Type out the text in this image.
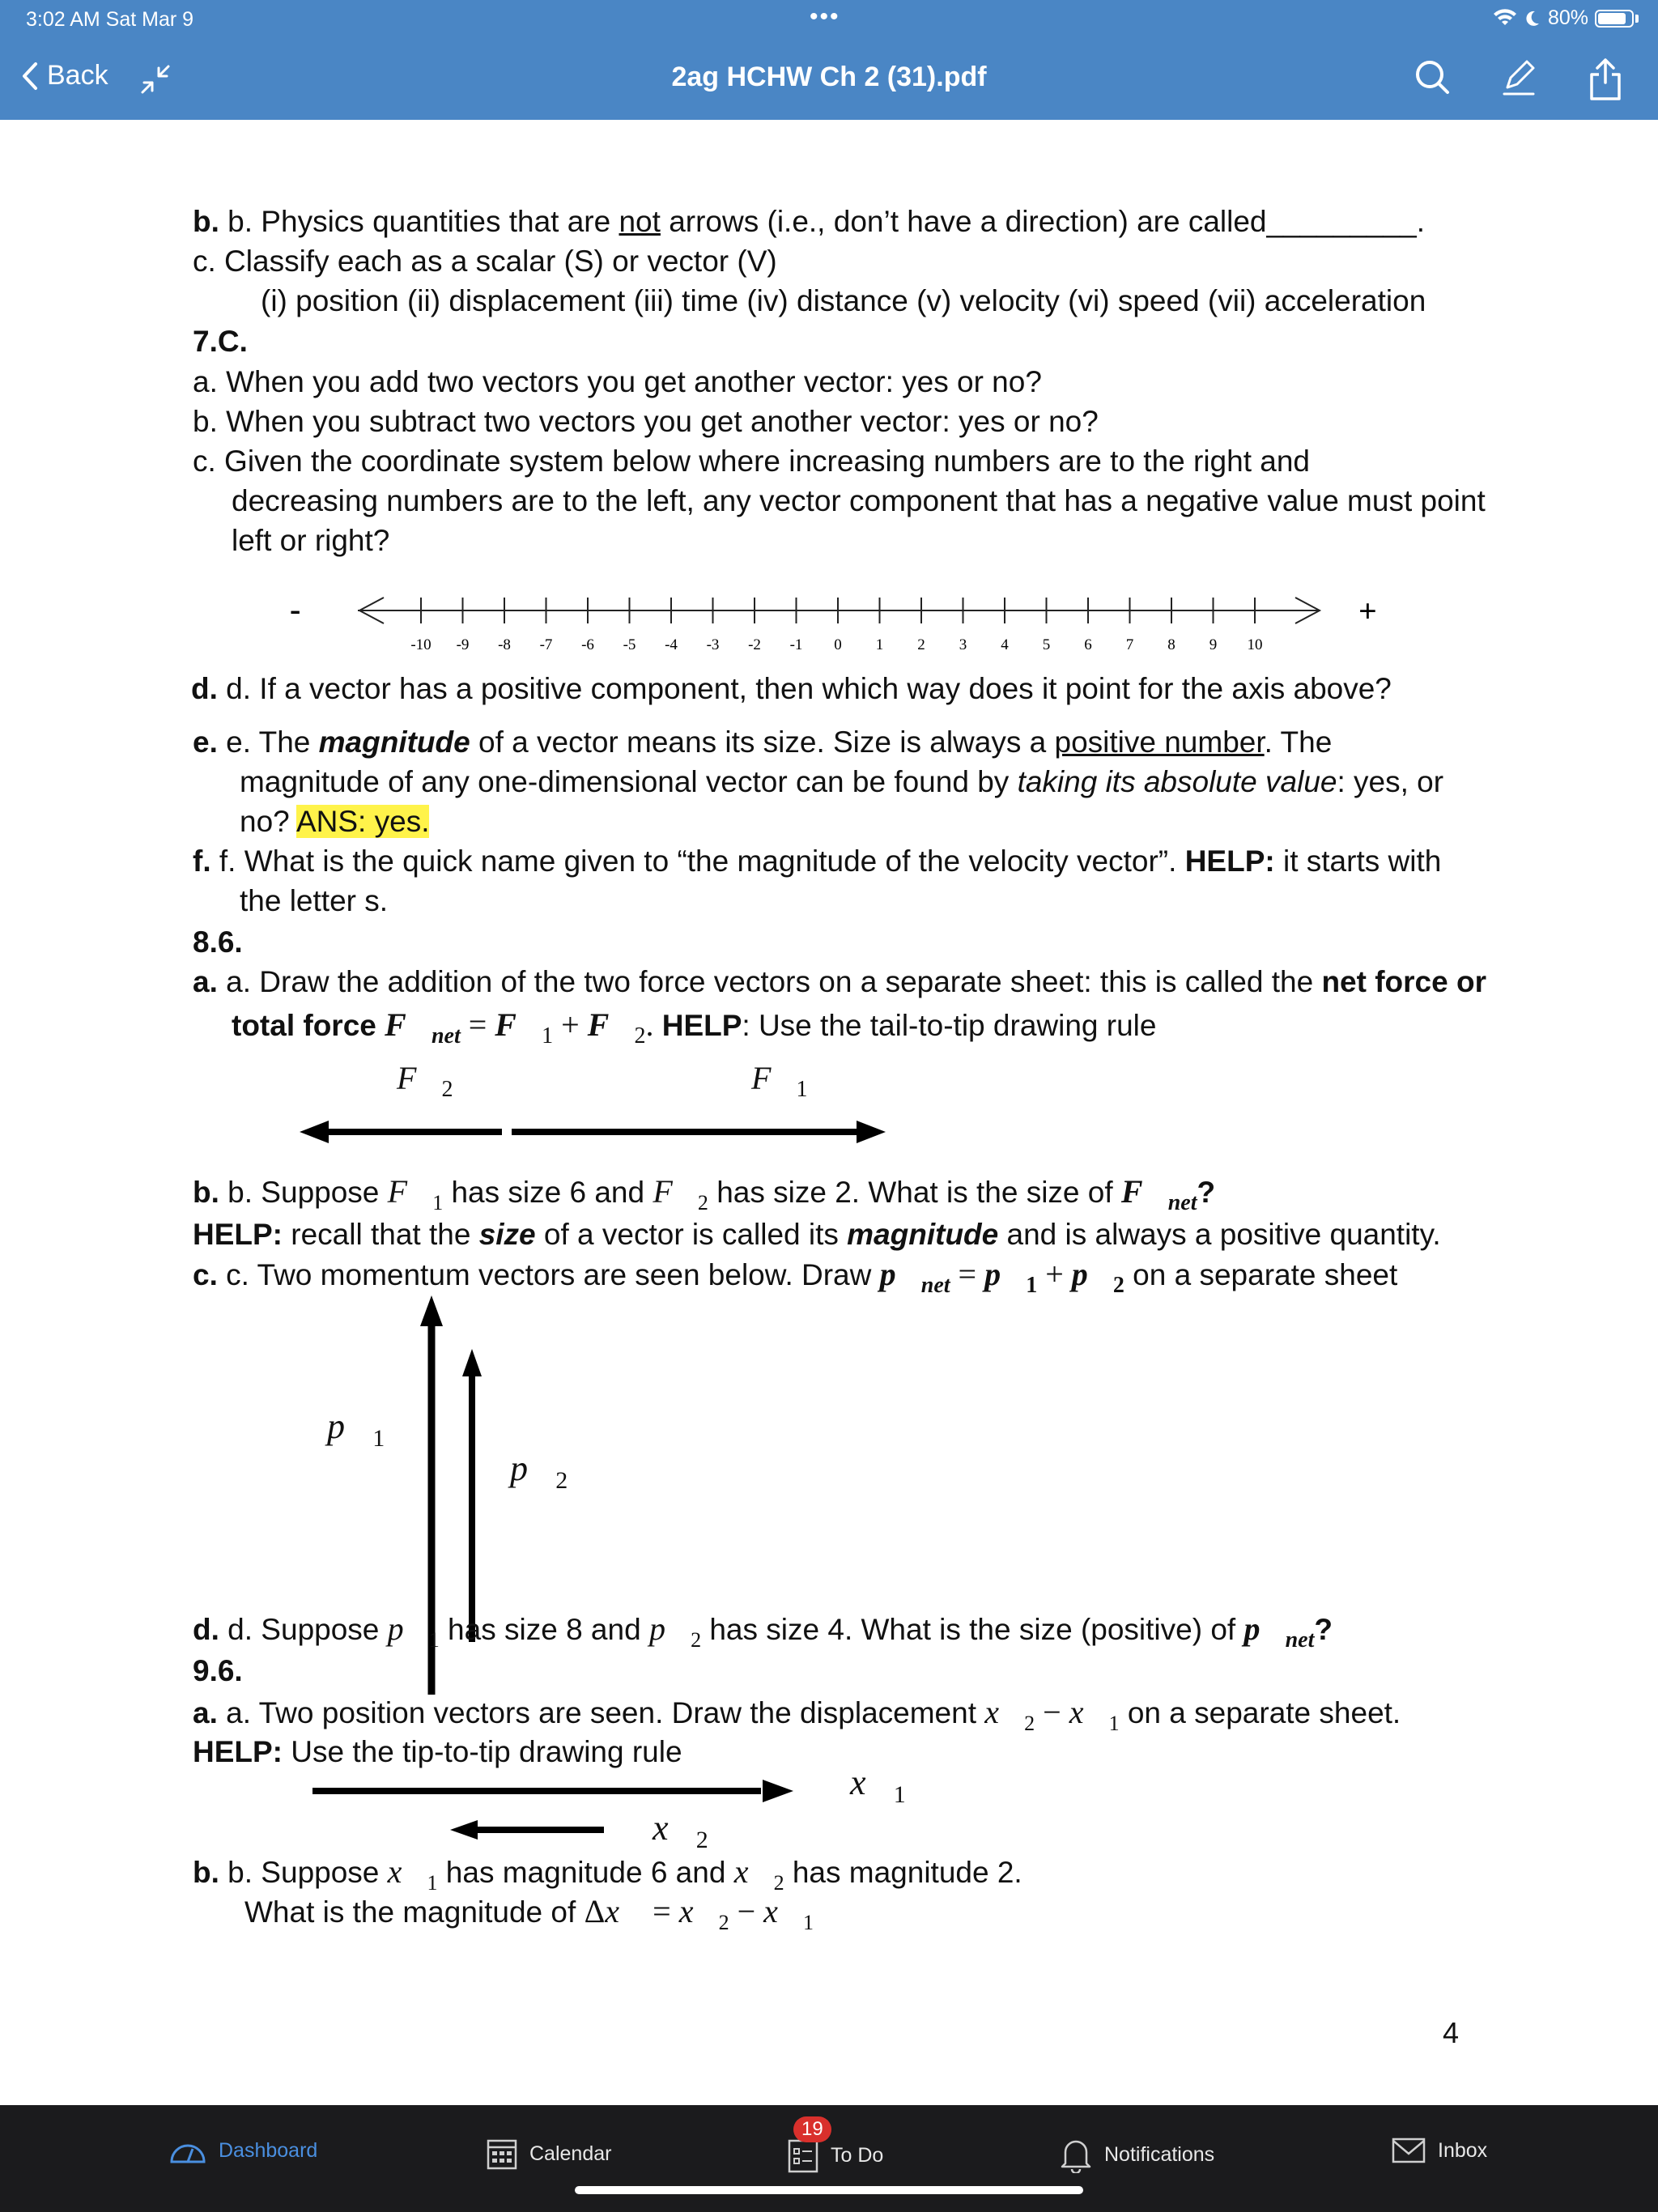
3:02 AM Sat Mar 9	•••	80%
Back	2ag HCHW Ch 2 (31).pdf
b. b. Physics quantities that are not arrows (i.e., don’t have a direction) are called_________.
c. Classify each as a scalar (S) or vector (V)
(i) position (ii) displacement (iii) time (iv) distance (v) velocity (vi) speed (vii) acceleration
7.C.
a. When you add two vectors you get another vector: yes or no?
b. When you subtract two vectors you get another vector: yes or no?
c. Given the coordinate system below where increasing numbers are to the right and
decreasing numbers are to the left, any vector component that has a negative value must point
left or right?
-
-10 -9 -8 -7 -6 -5 -4 -3 -2 -1 0 1 2 3 4 5 6 7 8 9 10
+
d. d. If a vector has a positive component, then which way does it point for the axis above?
e. e. The magnitude of a vector means its size. Size is always a positive number. The
magnitude of any one-dimensional vector can be found by taking its absolute value: yes, or
no? ANS: yes.
f. f. What is the quick name given to “the magnitude of the velocity vector”. HELP: it starts with
the letter s.
8.6.
a. a. Draw the addition of the two force vectors on a separate sheet: this is called the net force or
total force $F⃗_{net}$ = $F⃗_1$ + $F⃗_2$. HELP: Use the tail-to-tip drawing rule
$F_2$	$F_1$
b. b. Suppose $F⃗_1$ has size 6 and $F⃗_2$ has size 2. What is the size of $F⃗_{net}$?
HELP: recall that the size of a vector is called its magnitude and is always a positive quantity.
c. c. Two momentum vectors are seen below. Draw $p⃗_{net}$ = $p⃗_1$ + $p⃗_2$ on a separate sheet
$p_1$
$p_2$
d. d. Suppose $p⃗_1$ has size 8 and $p⃗_2$ has size 4. What is the size (positive) of $p⃗_{net}$?
9.6.
a. a. Two position vectors are seen. Draw the displacement $x⃗_2$ − $x⃗_1$ on a separate sheet.
HELP: Use the tip-to-tip drawing rule
$x_1$
$x_2$
b. b. Suppose $x⃗_1$ has magnitude 6 and $x⃗_2$ has magnitude 2.
What is the magnitude of Δx⃗ = $x⃗_2$ − $x⃗_1$
4
Dashboard	Calendar	To Do
19
Notifications	Inbox
